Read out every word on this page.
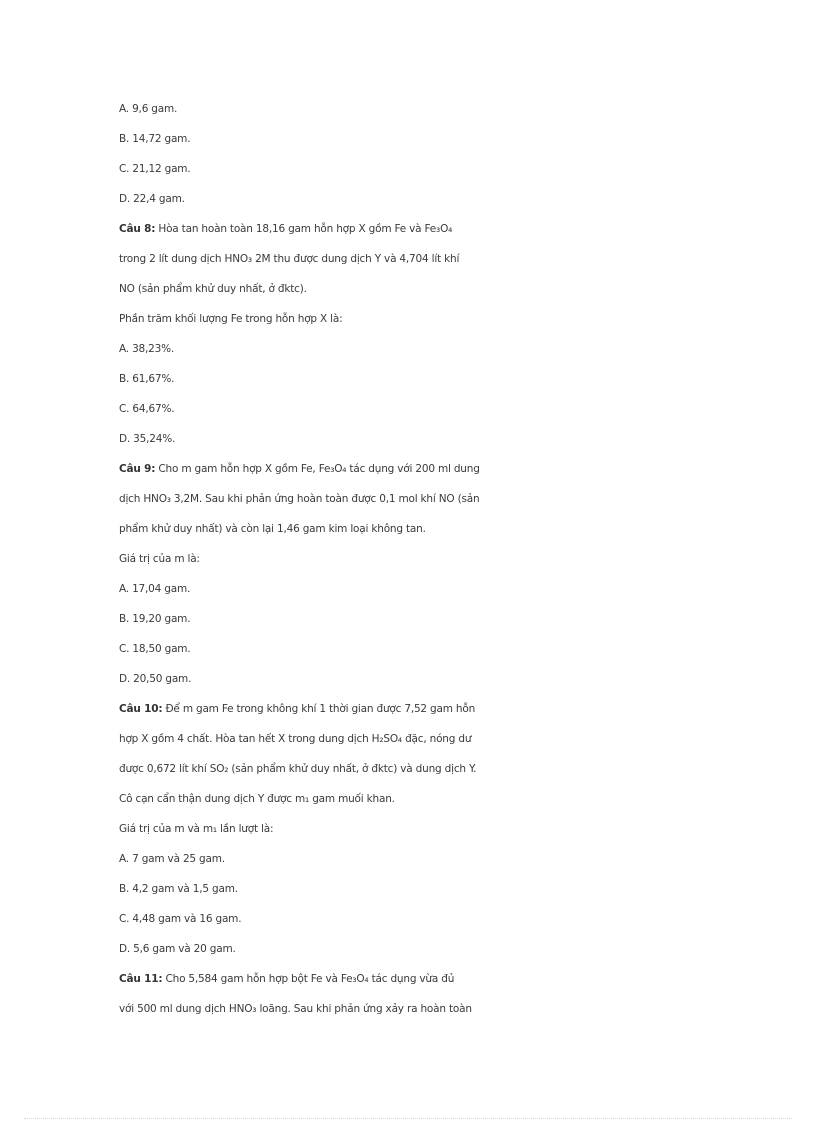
A. 9,6 gam.
B. 14,72 gam.
C. 21,12 gam.
D. 22,4 gam.
Câu 8: Hòa tan hoàn toàn 18,16 gam hỗn hợp X gồm Fe và Fe₃O₄
trong 2 lít dung dịch HNO₃ 2M thu được dung dịch Y và 4,704 lít khí
NO (sản phẩm khử duy nhất, ở đktc).
Phần trăm khối lượng Fe trong hỗn hợp X là:
A. 38,23%.
B. 61,67%.
C. 64,67%.
D. 35,24%.
Câu 9: Cho m gam hỗn hợp X gồm Fe, Fe₃O₄ tác dụng với 200 ml dung
dịch HNO₃ 3,2M. Sau khi phản ứng hoàn toàn được 0,1 mol khí NO (sản
phẩm khử duy nhất) và còn lại 1,46 gam kim loại không tan.
Giá trị của m là:
A. 17,04 gam.
B. 19,20 gam.
C. 18,50 gam.
D. 20,50 gam.
Câu 10: Để m gam Fe trong không khí 1 thời gian được 7,52 gam hỗn
hợp X gồm 4 chất. Hòa tan hết X trong dung dịch H₂SO₄ đặc, nóng dư
được 0,672 lít khí SO₂ (sản phẩm khử duy nhất, ở đktc) và dung dịch Y.
Cô cạn cẩn thận dung dịch Y được m₁ gam muối khan.
Giá trị của m và m₁ lần lượt là:
A. 7 gam và 25 gam.
B. 4,2 gam và 1,5 gam.
C. 4,48 gam và 16 gam.
D. 5,6 gam và 20 gam.
Câu 11: Cho 5,584 gam hỗn hợp bột Fe và Fe₃O₄ tác dụng vừa đủ
với 500 ml dung dịch HNO₃ loãng. Sau khi phản ứng xảy ra hoàn toàn
